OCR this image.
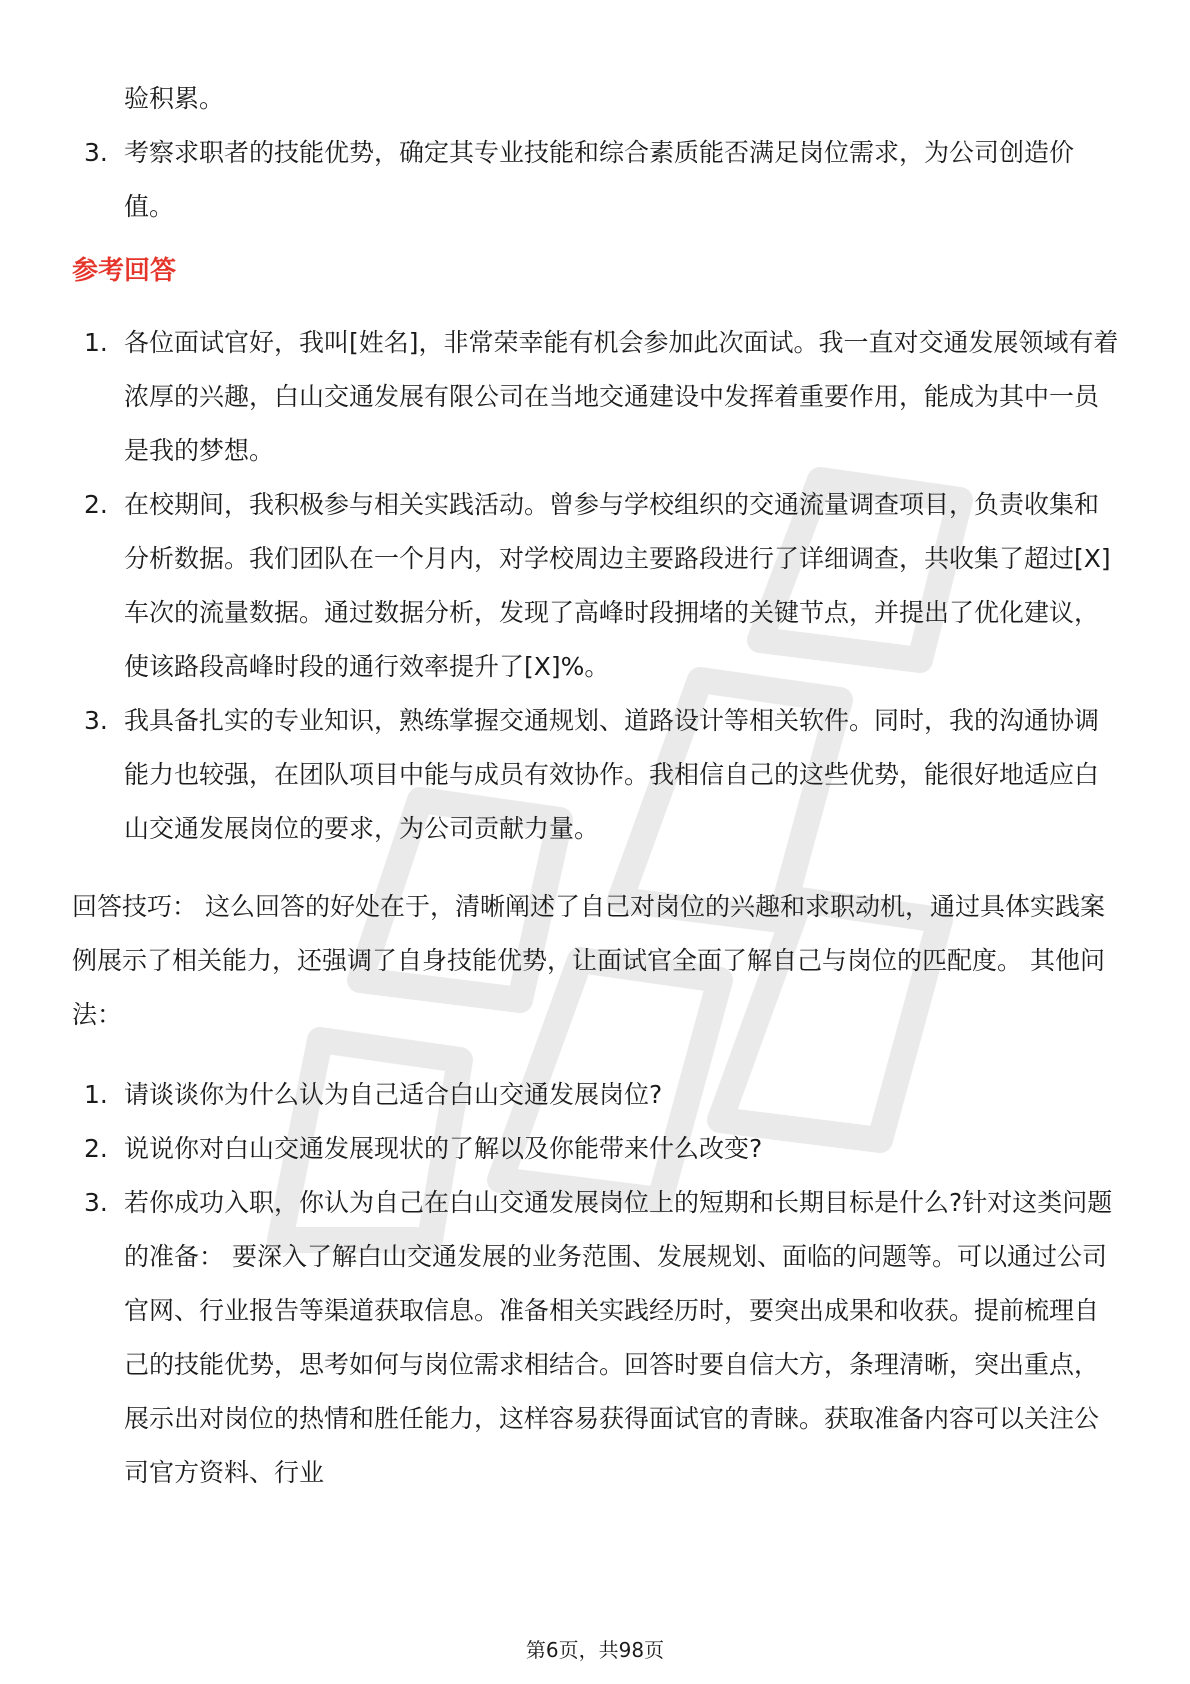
验积累。

3. 考察求职者的技能优势，确定其专业技能和综合素质能否满足岗位需求，为公司创造价值。

参考回答

1. 各位面试官好，我叫[姓名]，非常荣幸能有机会参加此次面试。我一直对交通发展领域有着浓厚的兴趣，白山交通发展有限公司在当地交通建设中发挥着重要作用，能成为其中一员是我的梦想。
2. 在校期间，我积极参与相关实践活动。曾参与学校组织的交通流量调查项目，负责收集和分析数据。我们团队在一个月内，对学校周边主要路段进行了详细调查，共收集了超过[X]车次的流量数据。通过数据分析，发现了高峰时段拥堵的关键节点，并提出了优化建议，使该路段高峰时段的通行效率提升了[X]%。
3. 我具备扎实的专业知识，熟练掌握交通规划、道路设计等相关软件。同时，我的沟通协调能力也较强，在团队项目中能与成员有效协作。我相信自己的这些优势，能很好地适应白山交通发展岗位的要求，为公司贡献力量。

回答技巧： 这么回答的好处在于，清晰阐述了自己对岗位的兴趣和求职动机，通过具体实践案例展示了相关能力，还强调了自身技能优势，让面试官全面了解自己与岗位的匹配度。 其他问法：

1. 请谈谈你为什么认为自己适合白山交通发展岗位?
2. 说说你对白山交通发展现状的了解以及你能带来什么改变?
3. 若你成功入职，你认为自己在白山交通发展岗位上的短期和长期目标是什么?针对这类问题的准备： 要深入了解白山交通发展的业务范围、发展规划、面临的问题等。可以通过公司官网、行业报告等渠道获取信息。准备相关实践经历时，要突出成果和收获。提前梳理自己的技能优势，思考如何与岗位需求相结合。回答时要自信大方，条理清晰，突出重点，展示出对岗位的热情和胜任能力，这样容易获得面试官的青睐。获取准备内容可以关注公司官方资料、行业
第6页，共98页
